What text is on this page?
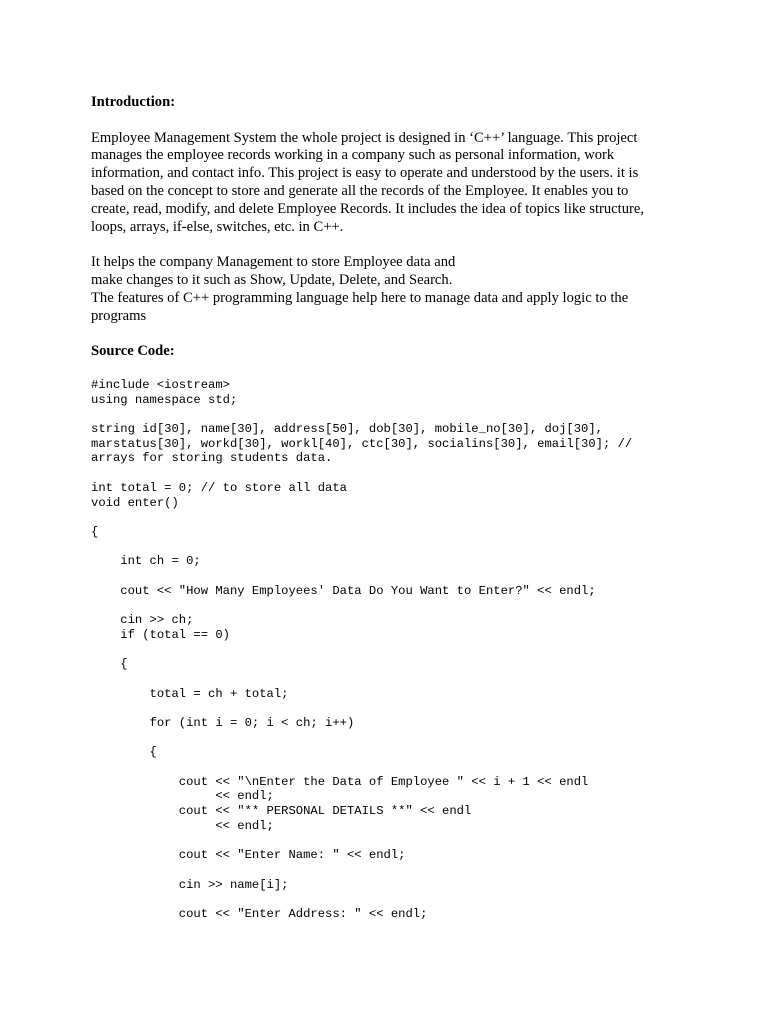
Introduction:

Employee Management System the whole project is designed in ‘C++’ language. This project
manages the employee records working in a company such as personal information, work
information, and contact info. This project is easy to operate and understood by the users. it is
based on the concept to store and generate all the records of the Employee. It enables you to
create, read, modify, and delete Employee Records. It includes the idea of topics like structure,
loops, arrays, if-else, switches, etc. in C++.
It helps the company Management to store Employee data and
make changes to it such as Show, Update, Delete, and Search.
The features of C++ programming language help here to manage data and apply logic to the
programs

Source Code:

#include <iostream>
using namespace std;
string id[30], name[30], address[50], dob[30], mobile_no[30], doj[30],
marstatus[30], workd[30], workl[40], ctc[30], socialins[30], email[30]; //
arrays for storing students data.
int total = 0; // to store all data
void enter()
{
int ch = 0;
cout << "How Many Employees' Data Do You Want to Enter?" << endl;
cin >> ch;
if (total == 0)
{
total = ch + total;
for (int i = 0; i < ch; i++)
{
cout << "\nEnter the Data of Employee " << i + 1 << endl
<< endl;
cout << "** PERSONAL DETAILS **" << endl
<< endl;
cout << "Enter Name: " << endl;
cin >> name[i];
cout << "Enter Address: " << endl;
